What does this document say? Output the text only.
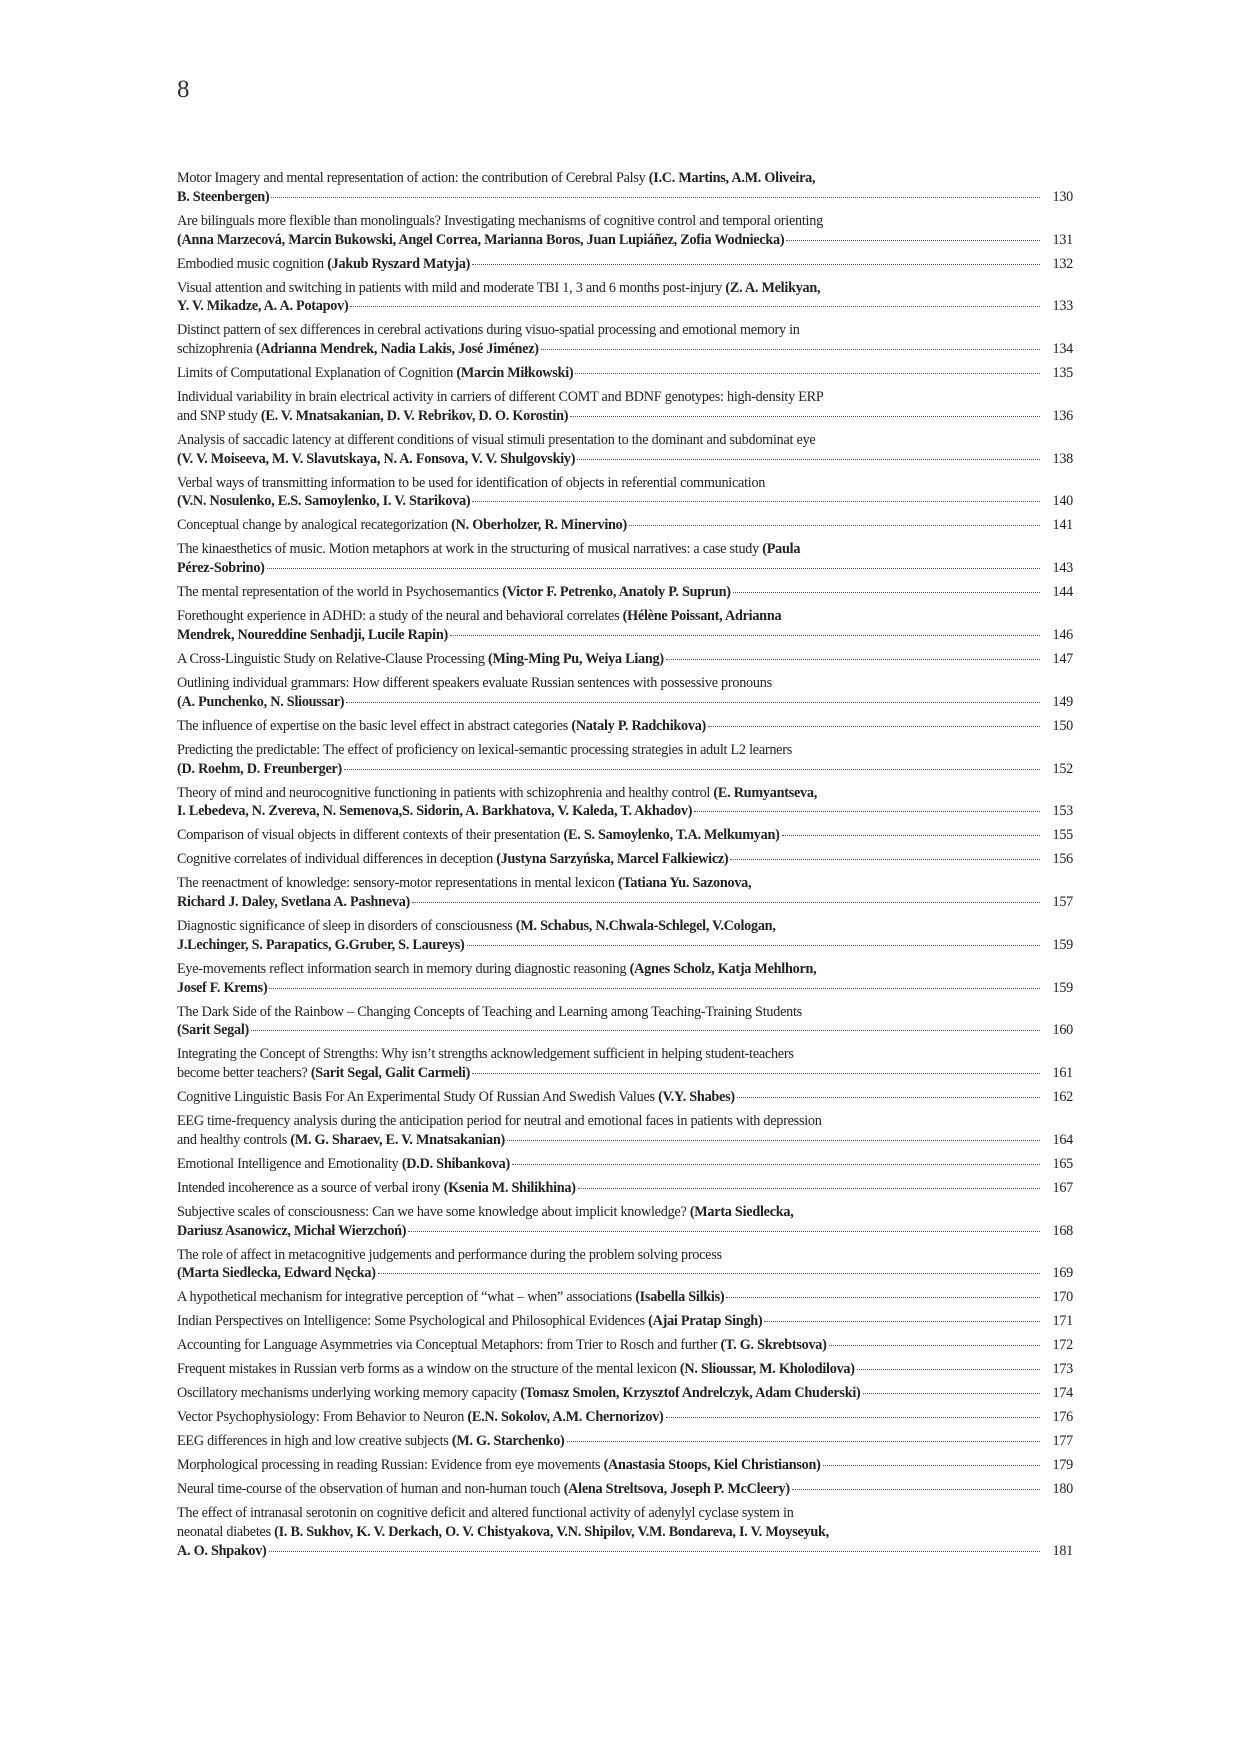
8
Motor Imagery and mental representation of action: the contribution of Cerebral Palsy (I.C. Martins, A.M. Oliveira,
B. Steenbergen)	130
Are bilinguals more flexible than monolinguals? Investigating mechanisms of cognitive control and temporal orienting
(Anna Marzecová, Marcin Bukowski, Angel Correa, Marianna Boros, Juan Lupiáñez, Zofia Wodniecka)	131
Embodied music cognition (Jakub Ryszard Matyja)	132
Visual attention and switching in patients with mild and moderate TBI 1, 3 and 6 months post-injury (Z. A. Melikyan,
Y. V. Mikadze, A. A. Potapov)	133
Distinct pattern of sex differences in cerebral activations during visuo-spatial processing and emotional memory in
schizophrenia (Adrianna Mendrek, Nadia Lakis, José Jiménez)	134
Limits of Computational Explanation of Cognition (Marcin Miłkowski)	135
Individual variability in brain electrical activity in carriers of different COMT and BDNF genotypes: high-density ERP
and SNP study (E. V. Mnatsakanian, D. V. Rebrikov, D. O. Korostin)	136
Analysis of saccadic latency at different conditions of visual stimuli presentation to the dominant and subdominat eye
(V. V. Moiseeva, M. V. Slavutskaya, N. A. Fonsova, V. V. Shulgovskiy)	138
Verbal ways of transmitting information to be used for identification of objects in referential communication
(V.N. Nosulenko, E.S. Samoylenko, I. V. Starikova)	140
Conceptual change by analogical recategorization (N. Oberholzer, R. Minervino)	141
The kinaesthetics of music. Motion metaphors at work in the structuring of musical narratives: a case study (Paula
Pérez-Sobrino)	143
The mental representation of the world in Psychosemantics (Victor F. Petrenko, Anatoly P. Suprun)	144
Forethought experience in ADHD: a study of the neural and behavioral correlates (Hélène Poissant, Adrianna
Mendrek, Noureddine Senhadji, Lucile Rapin)	146
A Cross-Linguistic Study on Relative-Clause Processing (Ming-Ming Pu, Weiya Liang)	147
Outlining individual grammars: How different speakers evaluate Russian sentences with possessive pronouns
(A. Punchenko, N. Slioussar)	149
The influence of expertise on the basic level effect in abstract categories (Nataly P. Radchikova)	150
Predicting the predictable: The effect of proficiency on lexical-semantic processing strategies in adult L2 learners
(D. Roehm, D. Freunberger)	152
Theory of mind and neurocognitive functioning in patients with schizophrenia and healthy control (E. Rumyantseva,
I. Lebedeva, N. Zvereva, N. Semenova,S. Sidorin, A. Barkhatova, V. Kaleda, T. Akhadov)	153
Comparison of visual objects in different contexts of their presentation (E. S. Samoylenko, T.A. Melkumyan)	155
Cognitive correlates of individual differences in deception (Justyna Sarzyńska, Marcel Falkiewicz)	156
The reenactment of knowledge: sensory-motor representations in mental lexicon (Tatiana Yu. Sazonova,
Richard J. Daley, Svetlana A. Pashneva)	157
Diagnostic significance of sleep in disorders of consciousness (M. Schabus, N.Chwala-Schlegel, V.Cologan,
J.Lechinger, S. Parapatics, G.Gruber, S. Laureys)	159
Eye-movements reflect information search in memory during diagnostic reasoning (Agnes Scholz, Katja Mehlhorn,
Josef F. Krems)	159
The Dark Side of the Rainbow – Changing Concepts of Teaching and Learning among Teaching-Training Students
(Sarit Segal)	160
Integrating the Concept of Strengths: Why isn’t strengths acknowledgement sufficient in helping student-teachers
become better teachers? (Sarit Segal, Galit Carmeli)	161
Cognitive Linguistic Basis For An Experimental Study Of Russian And Swedish Values (V.Y. Shabes)	162
EEG time-frequency analysis during the anticipation period for neutral and emotional faces in patients with depression
and healthy controls (M. G. Sharaev, E. V. Mnatsakanian)	164
Emotional Intelligence and Emotionality (D.D. Shibankova)	165
Intended incoherence as a source of verbal irony (Ksenia M. Shilikhina)	167
Subjective scales of consciousness: Can we have some knowledge about implicit knowledge? (Marta Siedlecka,
Dariusz Asanowicz, Michał Wierzchoń)	168
The role of affect in metacognitive judgements and performance during the problem solving process
(Marta Siedlecka, Edward Nęcka)	169
A hypothetical mechanism for integrative perception of “what – when” associations (Isabella Silkis)	170
Indian Perspectives on Intelligence: Some Psychological and Philosophical Evidences (Ajai Pratap Singh)	171
Accounting for Language Asymmetries via Conceptual Metaphors: from Trier to Rosch and further (T. G. Skrebtsova)	172
Frequent mistakes in Russian verb forms as a window on the structure of the mental lexicon (N. Slioussar, M. Kholodilova)	173
Oscillatory mechanisms underlying working memory capacity (Tomasz Smolen, Krzysztof Andrelczyk, Adam Chuderski)	174
Vector Psychophysiology: From Behavior to Neuron (E.N. Sokolov, A.M. Chernorizov)	176
EEG differences in high and low creative subjects (M. G. Starchenko)	177
Morphological processing in reading Russian: Evidence from eye movements (Anastasia Stoops, Kiel Christianson)	179
Neural time-course of the observation of human and non-human touch (Alena Streltsova, Joseph P. McCleery)	180
The effect of intranasal serotonin on cognitive deficit and altered functional activity of adenylyl cyclase system in
neonatal diabetes (I. B. Sukhov, K. V. Derkach, O. V. Chistyakova, V.N. Shipilov, V.M. Bondareva, I. V. Moyseyuk,
A. O. Shpakov)	181
